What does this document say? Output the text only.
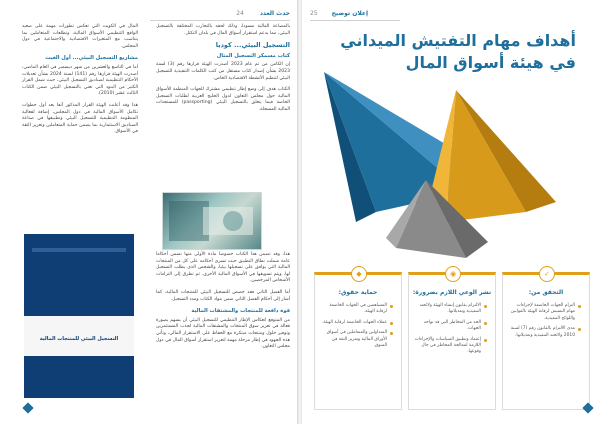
حدث العدد 24

بالمصاعة المالية مسودا، وذلك لحقه بالتجارب المختلفة بالتسجيل البيئي، مما يدعم استقرار أسواق المال في بلدان التكتل.

التسجيل البيئي... كوديا
كتاب مسمكر التسجيل المثال

إن الكامن من تم عام 2023 أصدرت الهيئة قرارها رقم (3) لسنة 2023 بشأن إصدار كتاب مستقل من كتب الكلمات التنفيذية للتسجيل البيئي لتنظيم الأنشطة الاقتصادية الخاص.

الكتاب هدف إلى وضع إطار تنظيمي مشترك للجهات المنظمة للأسواق المالية حول مجلس التعاون لدول الخليج العربية لطلبات التسجيل الخاصة فيما يتعلق بالتسجيل البيئي (passporting) للمستجدات المالية المسجلة.

هذا، وقد تضمن هذا الكتاب خصوصا مادة الأولى منها تضمن أحكاما عامة شملت نطاق التطبيق حيث تسري أحكامه على كل من المنتجات المالية التي يوافق على تسجيلها بيئيا، والشخص الذي يطلب التسجيل لها، ويتم تسويقها في الأسواق المالية الأخرى. ثم تطرق إلى التزامات الأشخاص المرخصين.

أما الفصل الثاني فقد خصص للتسجيل البيئي للمنتجات المالية، كما أشار إلى أحكام الفصل الثاني ضمن مواد الكتاب ومدد التسجيل.

قوة دافعة للمنتجات والمشتقات المالية

من المتوقع انعكاس الإطار التنظيمي للتسجيل البيئي أن يسهم بصورة فعالة في تعزيز سوق المنتجات والمشتقات المالية لجذب المستثمرين وتوفير حلول ومنتجات مبتكرة مع الحفاظ على الاستقرار المالي، وتأتي هذه الجهود في إطار مرحلة مهمة لتعزيز استقرار أسواق المال في دول مجلس التعاون.

المال في الكويت التي تعكس تطورات مهمة على صعيد الواقع التنظيمي الأسواق المالية، وتطلعات المتعاملين بما يتناسب مع المتغيرات الاقتصادية والاجتماعية في دول المجلس.

مشاريع التسجيل البيئي... أول الغيث

أما في التاسع والعشرين من شهر ديسمبر في العام الماضي، أصدرت الهيئة قرارها رقم (141) لسنة 2024 بشأن تعديلات الأحكام التنظيمية لصناديق التسجيل البيئي، حيث شمل القرار الكثير من البنود التي تعني بالتسجيل البيئي ضمن الكتاب الثالث عشر (2010).

هذا وقد أعلنت الهيئة القرار المذكور آنفا بعد أول خطوات تكامل الأسواق المالية في دول المجلس، إضافة لفعالية المنظومة التنظيمية للتسجيل البيئي وتطبيقها في صناعة الصناديق الاستثمارية بما يضمن حماية المتعاملين وتعزيز الثقة في الأسواق.

التسجيل البيئي للمنتجات المالية
25 إعلان توضيح
أهداف مهام التفتيش الميداني
في هيئة أسواق المال
✓
التحقق من:
التزام الجهات الخاضعة لإجراءات مهام التفتيش لرقابة الهيئة بالقوانين واللوائح التنفيذية.
مدى الالتزام بالقانون رقم (7) لسنة 2010 ولائحته التنفيذية وتعديلاتها.
◉
نشر الوعي اللازم بضرورة:
الالتزام بقانون إنشاء الهيئة ولائحته التنفيذية وتعديلاتها.
الحد من المخاطر التي قد تواجه الجهات.
إعتماد وتطبيق السياسات والإجراءات اللازمة لمعالجة المخاطر في حال وقوعها.
◆
حماية حقوق:
المساهمين في الجهات الخاضعة لرقابة الهيئة.
عملاء الجهات الخاضعة لرقابة الهيئة.
المتداولين والمتعاملين في أسواق الأوراق المالية وتعزيز الثقة في السوق.
